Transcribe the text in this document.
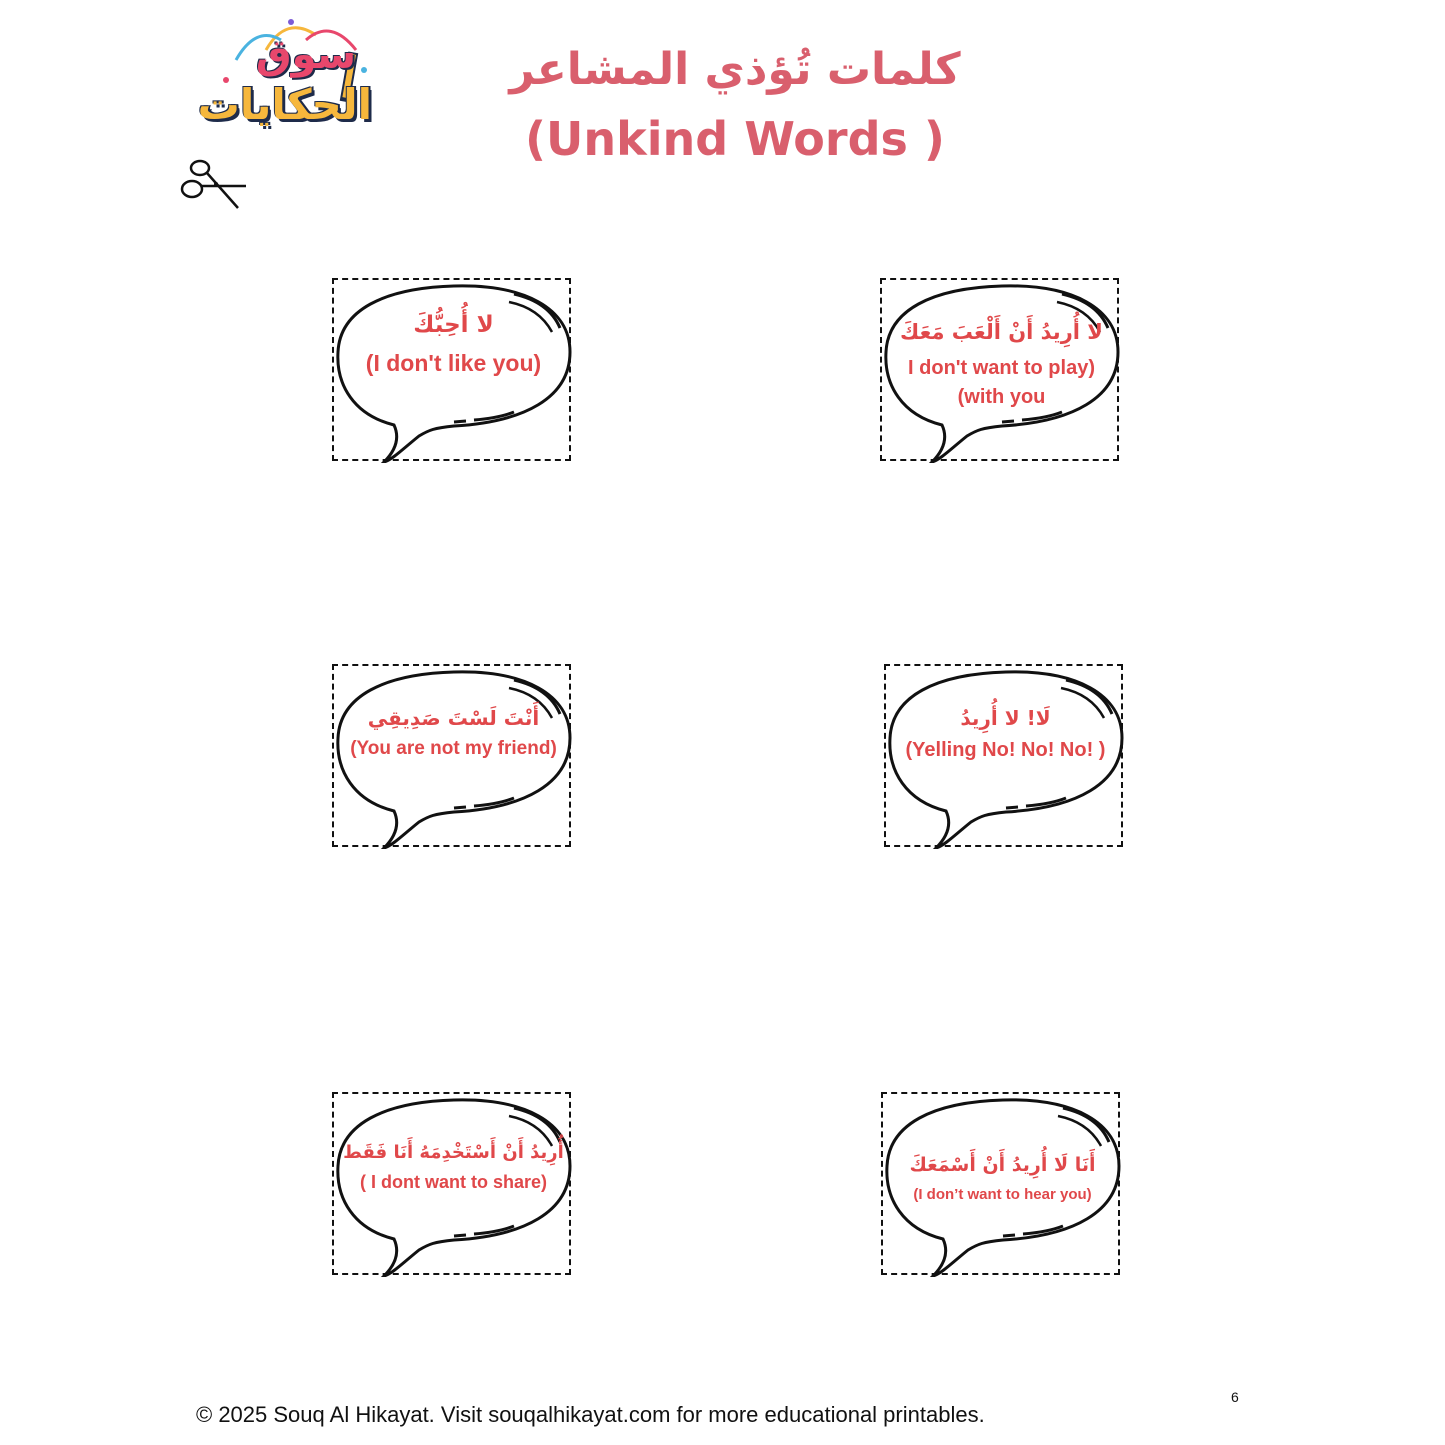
سوق
الحكايات
كلمات تُؤذي المشاعر
(Unkind Words )
لا أُحِبُّكَ
(I don't like you)
لا أُرِيدُ أَنْ أَلْعَبَ مَعَكَ
I don't want to play)
(with you
أَنْتَ لَسْتَ صَدِيقِي
(You are not my friend)
لَا! لا أُرِيدُ
(Yelling No! No! No! )
أُرِيدُ أَنْ أَسْتَخْدِمَهُ أَنَا فَقَط
( I dont want to share)
أَنَا لَا أُرِيدُ أَنْ أَسْمَعَكَ
(I don’t want to hear you)
© 2025 Souq Al Hikayat. Visit souqalhikayat.com for more educational printables.
6
